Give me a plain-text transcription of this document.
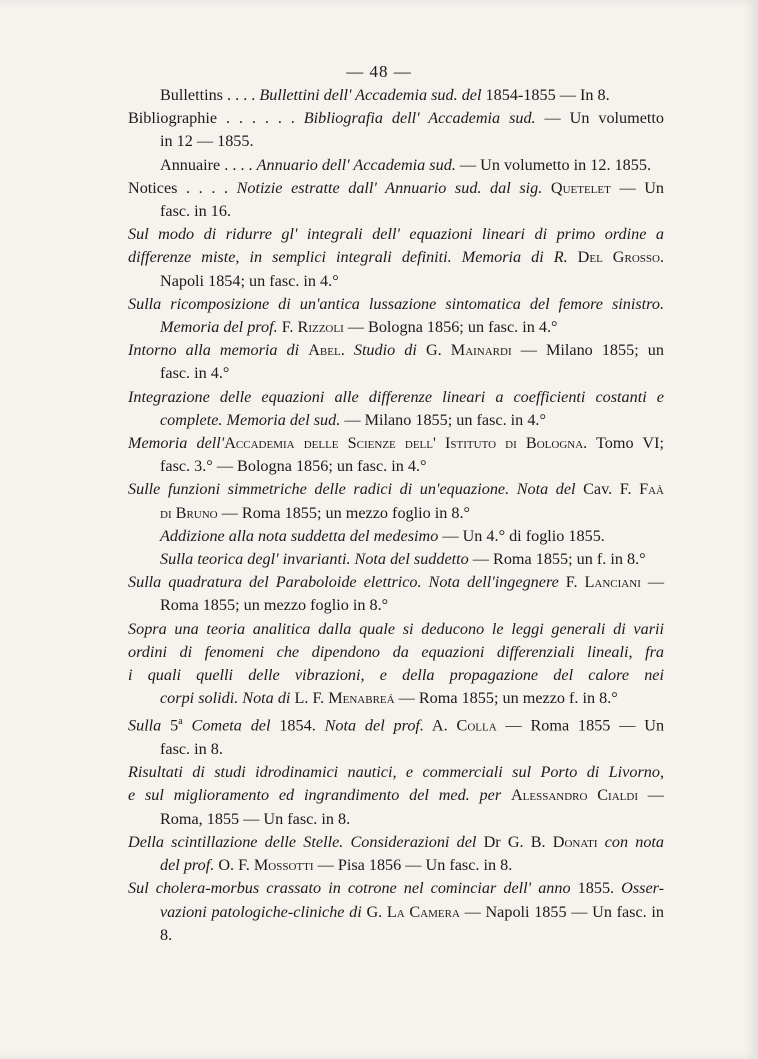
— 48 —
Bullettins . . . . Bullettini dell' Accademia sud. del 1854-1855 — In 8.
Bibliographie . . . . . . Bibliografia dell' Accademia sud. — Un volumetto
in 12 — 1855.
Annuaire . . . . Annuario dell' Accademia sud. — Un volumetto in 12. 1855.
Notices . . . . Notizie estratte dall' Annuario sud. dal sig. Quetelet — Un
fasc. in 16.
Sul modo di ridurre gl' integrali dell' equazioni lineari di primo ordine a
differenze miste, in semplici integrali definiti. Memoria di R. Del Grosso.
Napoli 1854; un fasc. in 4.°
Sulla ricomposizione di un'antica lussazione sintomatica del femore sinistro.
Memoria del prof. F. Rizzoli — Bologna 1856; un fasc. in 4.°
Intorno alla memoria di Abel. Studio di G. Mainardi — Milano 1855; un
fasc. in 4.°
Integrazione delle equazioni alle differenze lineari a coefficienti costanti e
complete. Memoria del sud. — Milano 1855; un fasc. in 4.°
Memoria dell'Accademia delle Scienze dell' Istituto di Bologna. Tomo VI;
fasc. 3.° — Bologna 1856; un fasc. in 4.°
Sulle funzioni simmetriche delle radici di un'equazione. Nota del Cav. F. Faà
di Bruno — Roma 1855; un mezzo foglio in 8.°
Addizione alla nota suddetta del medesimo — Un 4.° di foglio 1855.
Sulla teorica degl' invarianti. Nota del suddetto — Roma 1855; un f. in 8.°
Sulla quadratura del Paraboloide elettrico. Nota dell'ingegnere F. Lanciani —
Roma 1855; un mezzo foglio in 8.°
Sopra una teoria analitica dalla quale si deducono le leggi generali di varii
ordini di fenomeni che dipendono da equazioni differenziali lineali, fra
i quali quelli delle vibrazioni, e della propagazione del calore nei
corpi solidi. Nota di L. F. Menabreá — Roma 1855; un mezzo f. in 8.°
Sulla 5$^a$ Cometa del 1854. Nota del prof. A. Colla — Roma 1855 — Un
fasc. in 8.
Risultati di studi idrodinamici nautici, e commerciali sul Porto di Livorno,
e sul miglioramento ed ingrandimento del med. per Alessandro Cialdi —
Roma, 1855 — Un fasc. in 8.
Della scintillazione delle Stelle. Considerazioni del Dr G. B. Donati con nota
del prof. O. F. Mossotti — Pisa 1856 — Un fasc. in 8.
Sul cholera-morbus crassato in cotrone nel cominciar dell' anno 1855. Osser-
vazioni patologiche-cliniche di G. La Camera — Napoli 1855 — Un fasc. in 8.
